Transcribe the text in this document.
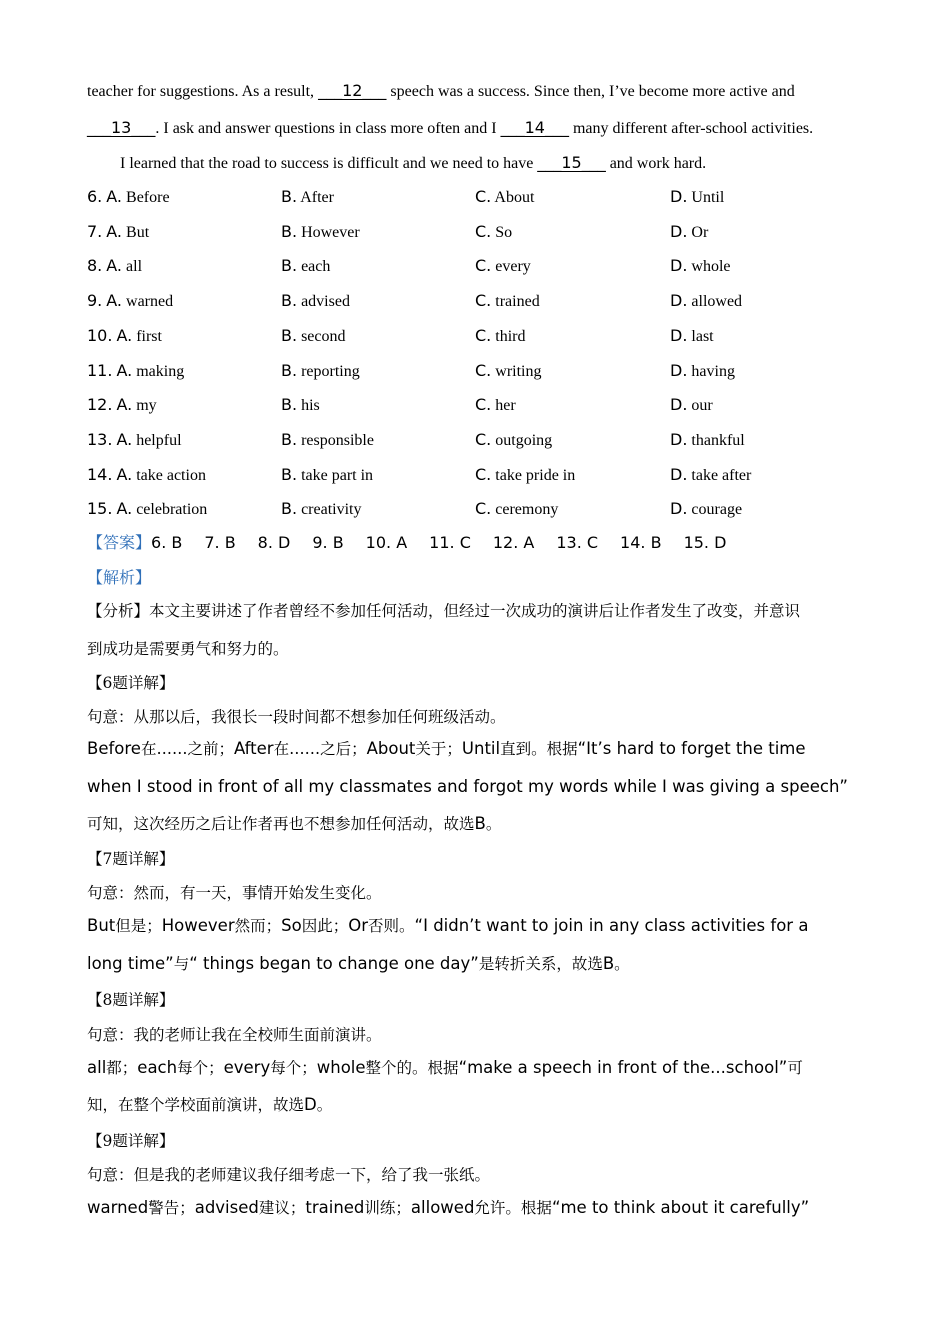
teacher for suggestions. As a result, ___12___ speech was a success. Since then, I’ve become more active and
___13___. I ask and answer questions in class more often and I ___14___ many different after-school activities.
I learned that the road to success is difficult and we need to have ___15___ and work hard.
6. A. Before	B. After	C. About	D. Until
7. A. But	B. However	C. So	D. Or
8. A. all	B. each	C. every	D. whole
9. A. warned	B. advised	C. trained	D. allowed
10. A. first	B. second	C. third	D. last
11. A. making	B. reporting	C. writing	D. having
12. A. my	B. his	C. her	D. our
13. A. helpful	B. responsible	C. outgoing	D. thankful
14. A. take action	B. take part in	C. take pride in	D. take after
15. A. celebration	B. creativity	C. ceremony	D. courage
【答案】6. B 7. B 8. D 9. B 10. A 11. C 12. A 13. C 14. B 15. D
【解析】
【分析】本文主要讲述了作者曾经不参加任何活动，但经过一次成功的演讲后让作者发生了改变，并意识
到成功是需要勇气和努力的。
【6题详解】
句意：从那以后，我很长一段时间都不想参加任何班级活动。
Before在……之前；After在……之后；About关于；Until直到。根据“It’s hard to forget the time
when I stood in front of all my classmates and forgot my words while I was giving a speech”
可知，这次经历之后让作者再也不想参加任何活动，故选B。
【7题详解】
句意：然而，有一天，事情开始发生变化。
But但是；However然而；So因此；Or否则。“I didn’t want to join in any class activities for a
long time”与“ things began to change one day”是转折关系，故选B。
【8题详解】
句意：我的老师让我在全校师生面前演讲。
all都；each每个；every每个；whole整个的。根据“make a speech in front of the...school”可
知，在整个学校面前演讲，故选D。
【9题详解】
句意：但是我的老师建议我仔细考虑一下，给了我一张纸。
warned警告；advised建议；trained训练；allowed允许。根据“me to think about it carefully”
